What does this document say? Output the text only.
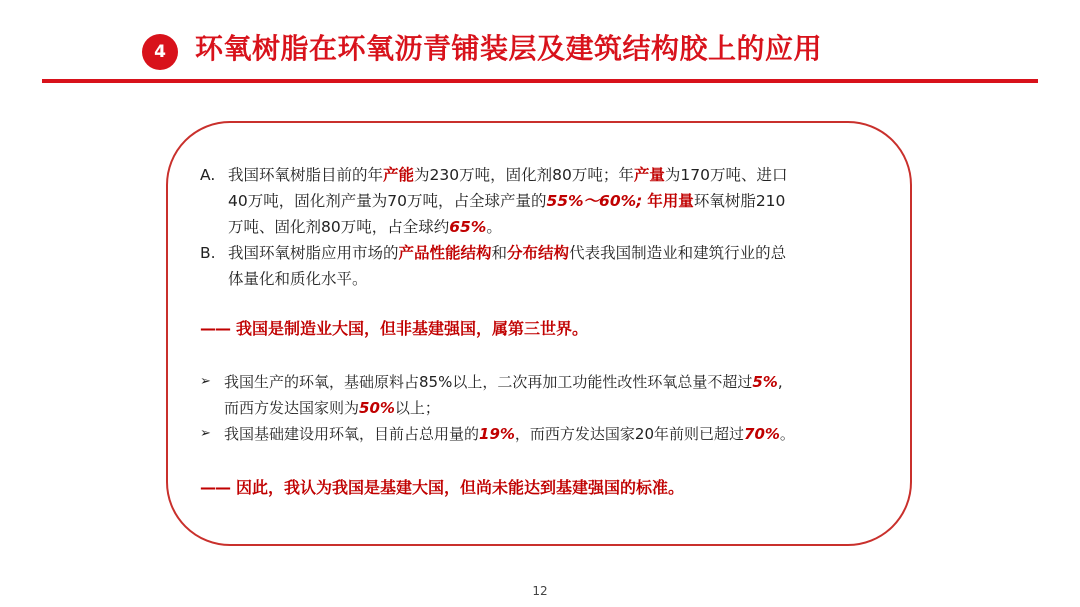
4	环氧树脂在环氧沥青铺装层及建筑结构胶上的应用
A. 我国环氧树脂目前的年产能为230万吨，固化剂80万吨；年产量为170万吨、进口
40万吨，固化剂产量为70万吨，占全球产量的55%～60%; 年用量环氧树脂210
万吨、固化剂80万吨，占全球约65%。
B. 我国环氧树脂应用市场的产品性能结构和分布结构代表我国制造业和建筑行业的总
体量化和质化水平。
—— 我国是制造业大国，但非基建强国，属第三世界。
➢ 我国生产的环氧，基础原料占85%以上，二次再加工功能性改性环氧总量不超过5%,
而西方发达国家则为50%以上；
➢ 我国基础建设用环氧，目前占总用量的19%，而西方发达国家20年前则已超过70%。
—— 因此，我认为我国是基建大国，但尚未能达到基建强国的标准。
12
